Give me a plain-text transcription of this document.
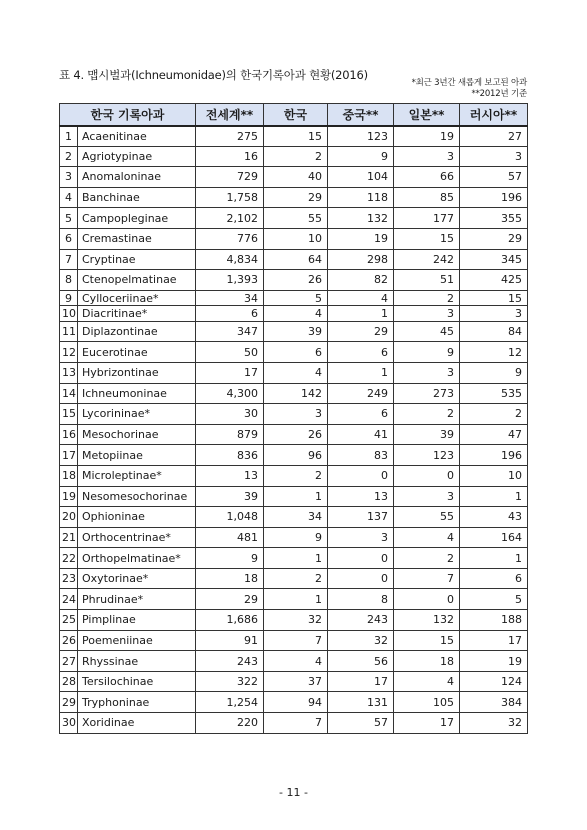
표 4. 맵시벌과(Ichneumonidae)의 한국기록아과 현황(2016)
*최근 3년간 새롭게 보고된 아과
**2012년 기준
한국 기록아과		전세계**	한국	중국**	일본**	러시아**
1	Acaenitinae	275	15	123	19	27
2	Agriotypinae	16	2	9	3	3
3	Anomaloninae	729	40	104	66	57
4	Banchinae	1,758	29	118	85	196
5	Campopleginae	2,102	55	132	177	355
6	Cremastinae	776	10	19	15	29
7	Cryptinae	4,834	64	298	242	345
8	Ctenopelmatinae	1,393	26	82	51	425
9	Cylloceriinae*	34	5	4	2	15
10	Diacritinae*	6	4	1	3	3
11	Diplazontinae	347	39	29	45	84
12	Eucerotinae	50	6	6	9	12
13	Hybrizontinae	17	4	1	3	9
14	Ichneumoninae	4,300	142	249	273	535
15	Lycorininae*	30	3	6	2	2
16	Mesochorinae	879	26	41	39	47
17	Metopiinae	836	96	83	123	196
18	Microleptinae*	13	2	0	0	10
19	Nesomesochorinae	39	1	13	3	1
20	Ophioninae	1,048	34	137	55	43
21	Orthocentrinae*	481	9	3	4	164
22	Orthopelmatinae*	9	1	0	2	1
23	Oxytorinae*	18	2	0	7	6
24	Phrudinae*	29	1	8	0	5
25	Pimplinae	1,686	32	243	132	188
26	Poemeniinae	91	7	32	15	17
27	Rhyssinae	243	4	56	18	19
28	Tersilochinae	322	37	17	4	124
29	Tryphoninae	1,254	94	131	105	384
30	Xoridinae	220	7	57	17	32
- 11 -
